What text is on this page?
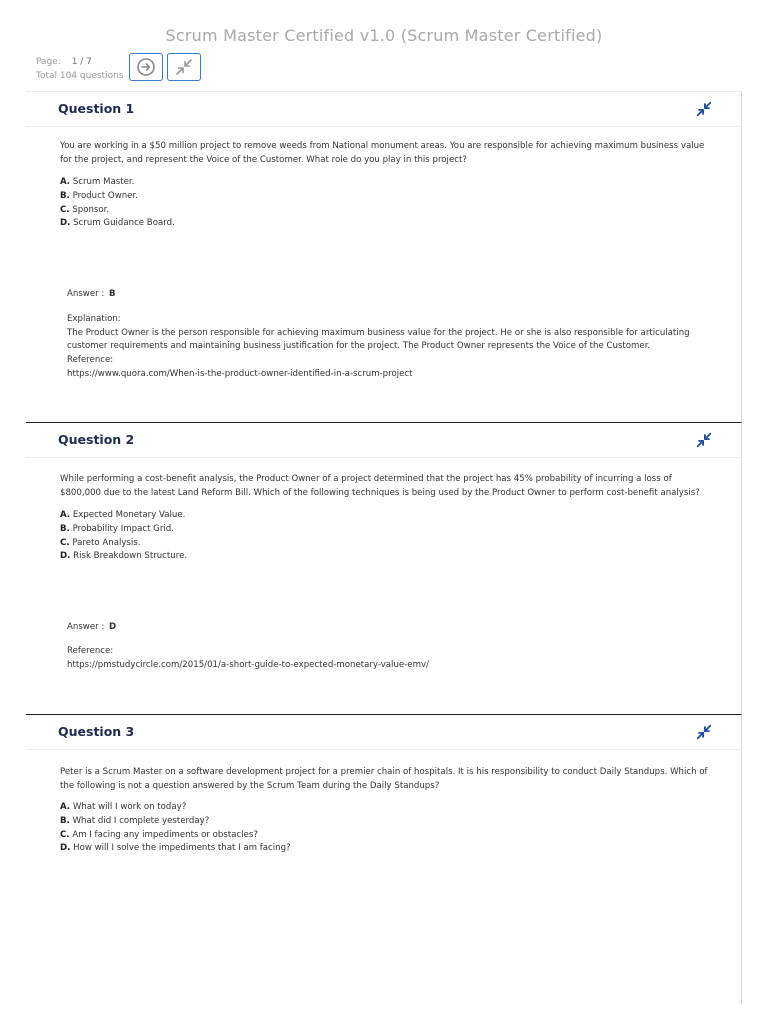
Scrum Master Certified v1.0 (Scrum Master Certified)
Page: 1 / 7
Total 104 questions
Question 1
You are working in a $50 million project to remove weeds from National monument areas. You are responsible for achieving maximum business value for the project, and represent the Voice of the Customer. What role do you play in this project?
A. Scrum Master.
B. Product Owner.
C. Sponsor.
D. Scrum Guidance Board.
Answer : B
Explanation:
The Product Owner is the person responsible for achieving maximum business value for the project. He or she is also responsible for articulating customer requirements and maintaining business justification for the project. The Product Owner represents the Voice of the Customer.
Reference:
https://www.quora.com/When-is-the-product-owner-identified-in-a-scrum-project
Question 2
While performing a cost-benefit analysis, the Product Owner of a project determined that the project has 45% probability of incurring a loss of $800,000 due to the latest Land Reform Bill. Which of the following techniques is being used by the Product Owner to perform cost-benefit analysis?
A. Expected Monetary Value.
B. Probability Impact Grid.
C. Pareto Analysis.
D. Risk Breakdown Structure.
Answer : D
Reference:
https://pmstudycircle.com/2015/01/a-short-guide-to-expected-monetary-value-emv/
Question 3
Peter is a Scrum Master on a software development project for a premier chain of hospitals. It is his responsibility to conduct Daily Standups. Which of the following is not a question answered by the Scrum Team during the Daily Standups?
A. What will I work on today?
B. What did I complete yesterday?
C. Am I facing any impediments or obstacles?
D. How will I solve the impediments that I am facing?
